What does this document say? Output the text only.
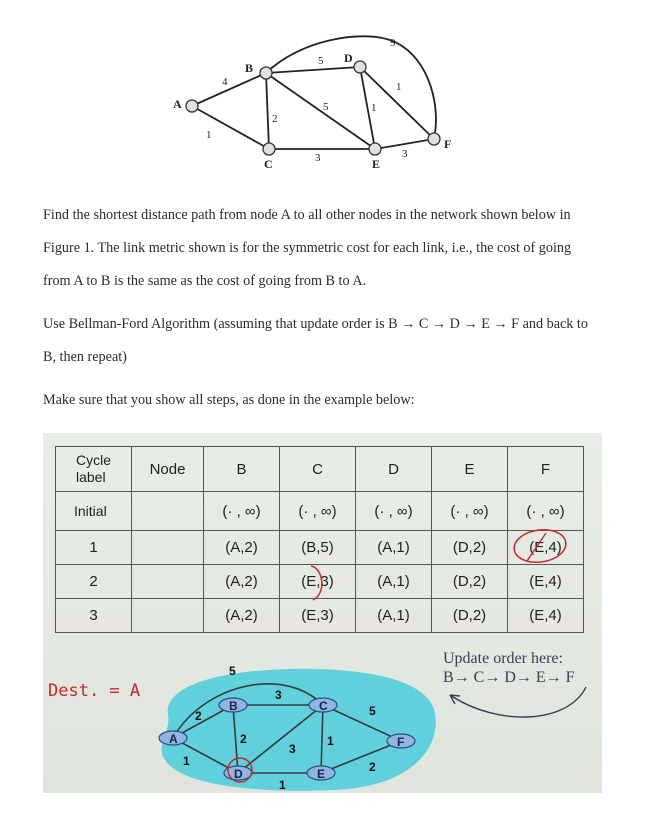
A
B
C
D
E
F
4
1
2
5
5
3
1
1
3
9
Find the shortest distance path from node A to all other nodes in the network shown below in
Figure 1. The link metric shown is for the symmetric cost for each link, i.e., the cost of going
from A to B is the same as the cost of going from B to A.
Use Bellman-Ford Algorithm (assuming that update order is B → C → D → E → F and back to
B, then repeat)
Make sure that you show all steps, as done in the example below:
Cycle label	Node	B	C	D	E	F
Initial		(· , ∞)	(· , ∞)	(· , ∞)	(· , ∞)	(· , ∞)
1		(A,2)	(B,5)	(A,1)	(D,2)	(E,4)
2		(A,2)	(E,3)	(A,1)	(D,2)	(E,4)
3		(A,2)	(E,3)	(A,1)	(D,2)	(E,4)
Dest. = A
Update order here:
B→ C→ D→ E→ F
A
B	C
D	E
F
2
1
3
2
5
5
1
3
1
2
